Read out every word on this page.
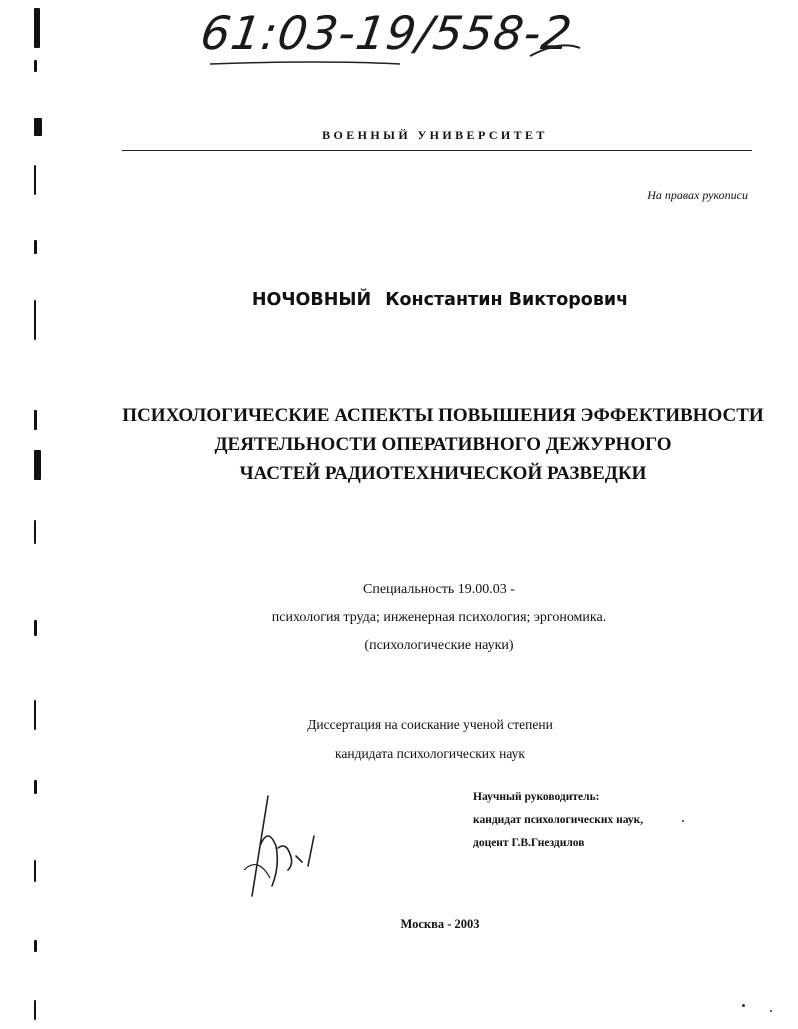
61:03-19/558-2
ВОЕННЫЙ УНИВЕРСИТЕТ
На правах рукописи
НОЧОВНЫЙ Константин Викторович
ПСИХОЛОГИЧЕСКИЕ АСПЕКТЫ ПОВЫШЕНИЯ ЭФФЕКТИВНОСТИ
ДЕЯТЕЛЬНОСТИ ОПЕРАТИВНОГО ДЕЖУРНОГО
ЧАСТЕЙ РАДИОТЕХНИЧЕСКОЙ РАЗВЕДКИ
Специальность 19.00.03 -
психология труда; инженерная психология; эргономика.
(психологические науки)
Диссертация на соискание ученой степени
кандидата психологических наук
Научный руководитель:
кандидат психологических наук,
доцент Г.В.Гнездилов
Москва - 2003
